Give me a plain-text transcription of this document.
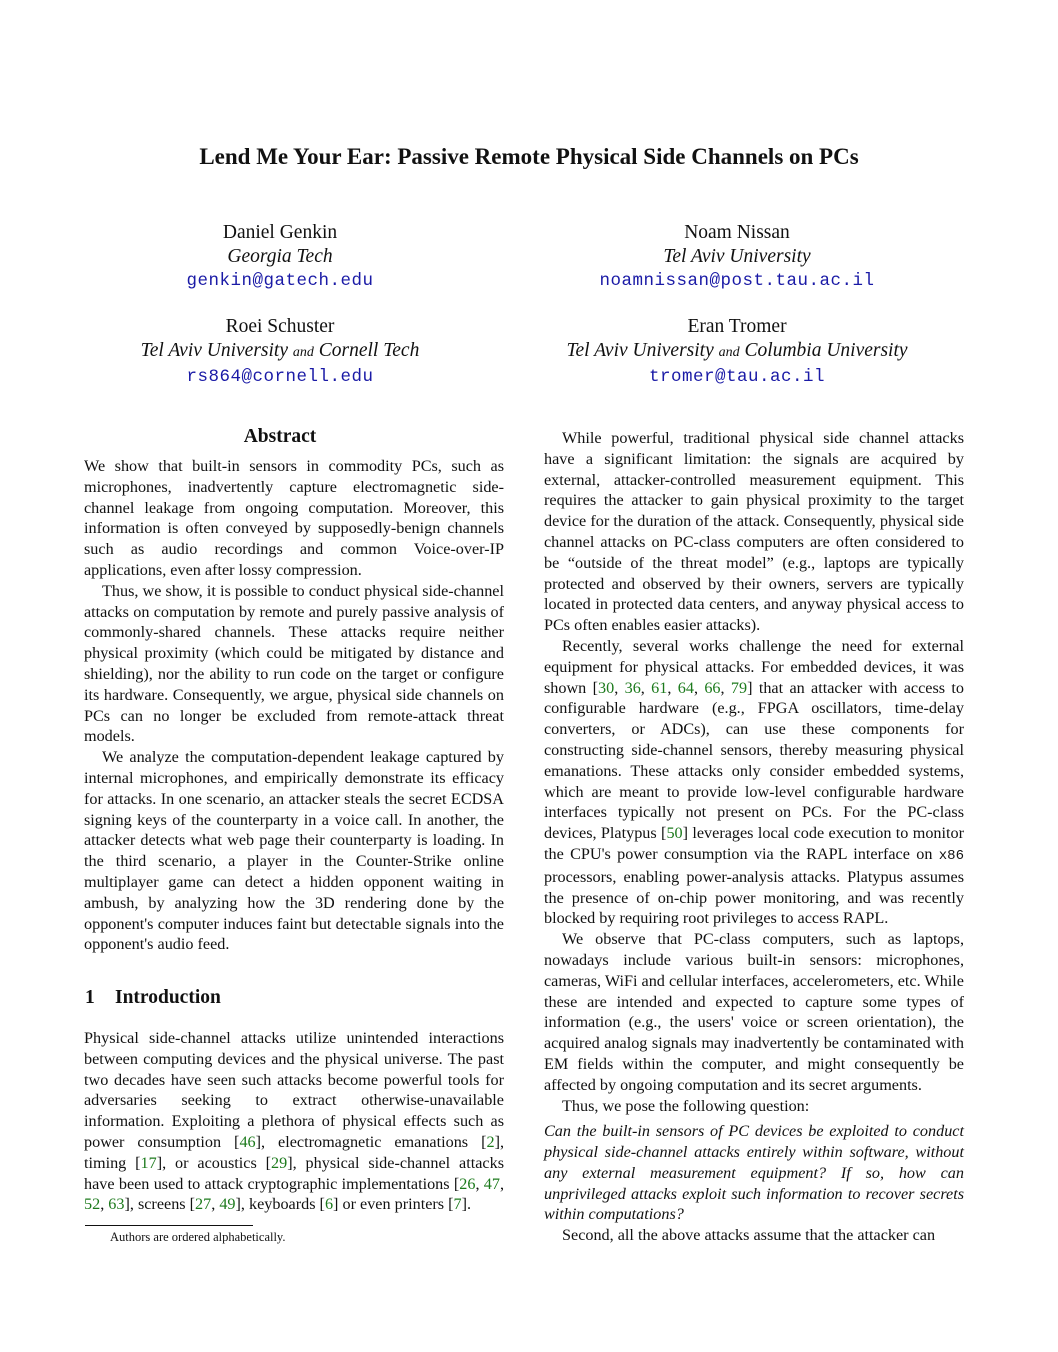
Lend Me Your Ear: Passive Remote Physical Side Channels on PCs
Daniel Genkin
Georgia Tech
genkin@gatech.edu
Noam Nissan
Tel Aviv University
noamnissan@post.tau.ac.il
Roei Schuster
Tel Aviv University and Cornell Tech
rs864@cornell.edu
Eran Tromer
Tel Aviv University and Columbia University
tromer@tau.ac.il
Abstract

We show that built-in sensors in commodity PCs, such as microphones, inadvertently capture electromagnetic side-channel leakage from ongoing computation. Moreover, this information is often conveyed by supposedly-benign channels such as audio recordings and common Voice-over-IP applications, even after lossy compression.

Thus, we show, it is possible to conduct physical side-channel attacks on computation by remote and purely passive analysis of commonly-shared channels. These attacks require neither physical proximity (which could be mitigated by distance and shielding), nor the ability to run code on the target or configure its hardware. Consequently, we argue, physical side channels on PCs can no longer be excluded from remote-attack threat models.

We analyze the computation-dependent leakage captured by internal microphones, and empirically demonstrate its efficacy for attacks. In one scenario, an attacker steals the secret ECDSA signing keys of the counterparty in a voice call. In another, the attacker detects what web page their counterparty is loading. In the third scenario, a player in the Counter-Strike online multiplayer game can detect a hidden opponent waiting in ambush, by analyzing how the 3D rendering done by the opponent's computer induces faint but detectable signals into the opponent's audio feed.

1 Introduction

Physical side-channel attacks utilize unintended interactions between computing devices and the physical universe. The past two decades have seen such attacks become powerful tools for adversaries seeking to extract otherwise-unavailable information. Exploiting a plethora of physical effects such as power consumption [46], electromagnetic emanations [2], timing [17], or acoustics [29], physical side-channel attacks have been used to attack cryptographic implementations [26, 47, 52, 63], screens [27, 49], keyboards [6] or even printers [7].

Authors are ordered alphabetically.

While powerful, traditional physical side channel attacks have a significant limitation: the signals are acquired by external, attacker-controlled measurement equipment. This requires the attacker to gain physical proximity to the target device for the duration of the attack. Consequently, physical side channel attacks on PC-class computers are often considered to be “outside of the threat model” (e.g., laptops are typically protected and observed by their owners, servers are typically located in protected data centers, and anyway physical access to PCs often enables easier attacks).

Recently, several works challenge the need for external equipment for physical attacks. For embedded devices, it was shown [30, 36, 61, 64, 66, 79] that an attacker with access to configurable hardware (e.g., FPGA oscillators, time-delay converters, or ADCs), can use these components for constructing side-channel sensors, thereby measuring physical emanations. These attacks only consider embedded systems, which are meant to provide low-level configurable hardware interfaces typically not present on PCs. For the PC-class devices, Platypus [50] leverages local code execution to monitor the CPU's power consumption via the RAPL interface on x86 processors, enabling power-analysis attacks. Platypus assumes the presence of on-chip power monitoring, and was recently blocked by requiring root privileges to access RAPL.

We observe that PC-class computers, such as laptops, nowadays include various built-in sensors: microphones, cameras, WiFi and cellular interfaces, accelerometers, etc. While these are intended and expected to capture some types of information (e.g., the users' voice or screen orientation), the acquired analog signals may inadvertently be contaminated with EM fields within the computer, and might consequently be affected by ongoing computation and its secret arguments.

Thus, we pose the following question:

Can the built-in sensors of PC devices be exploited to conduct physical side-channel attacks entirely within software, without any external measurement equipment? If so, how can unprivileged attacks exploit such information to recover secrets within computations?

Second, all the above attacks assume that the attacker can
